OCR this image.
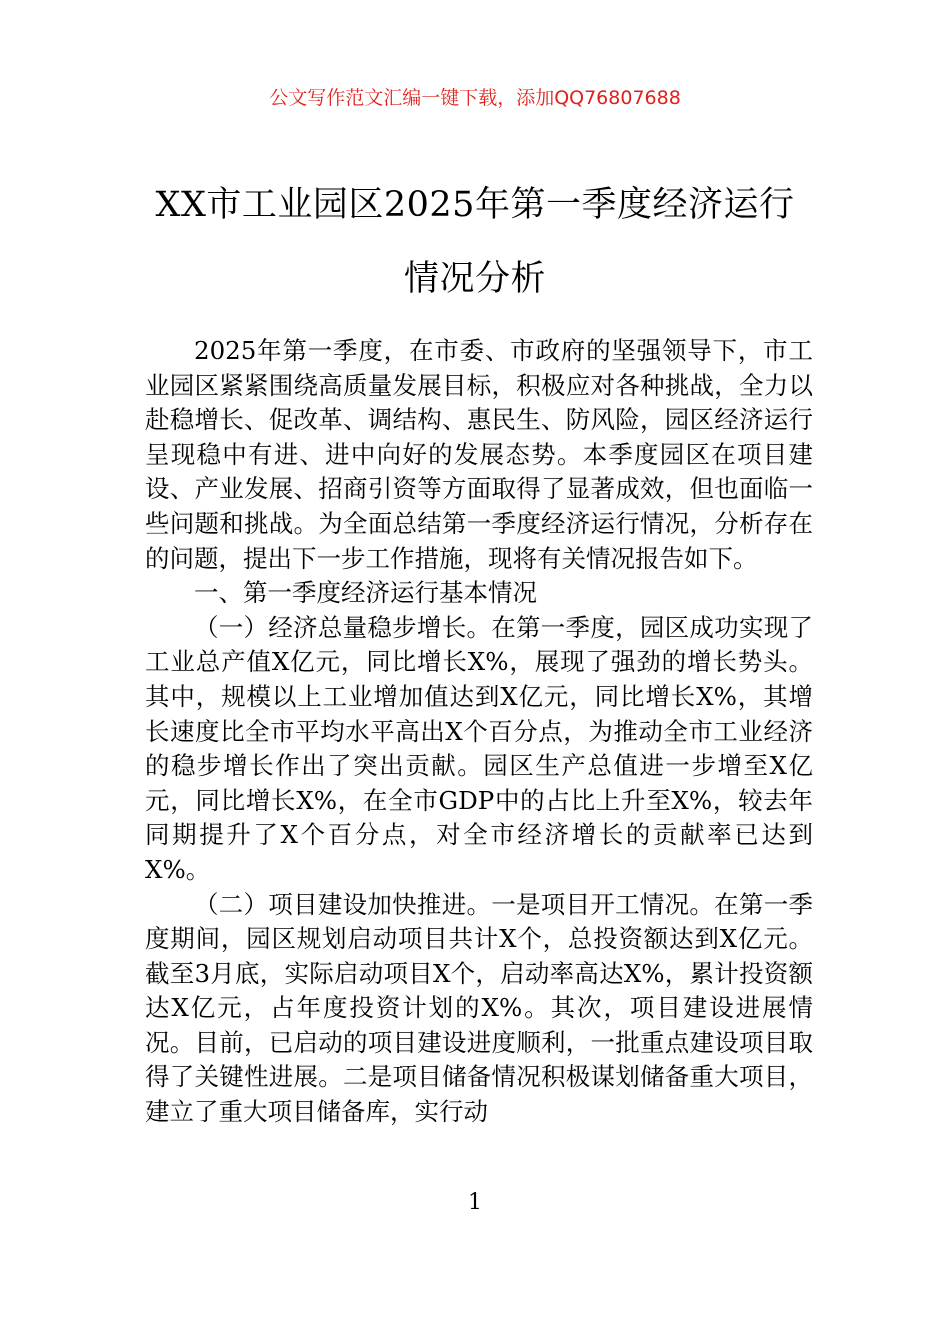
公文写作范文汇编一键下载，添加QQ76807688
XX市工业园区2025年第一季度经济运行
情况分析

2025年第一季度，在市委、市政府的坚强领导下，市工业园区紧紧围绕高质量发展目标，积极应对各种挑战，全力以赴稳增长、促改革、调结构、惠民生、防风险，园区经济运行呈现稳中有进、进中向好的发展态势。本季度园区在项目建设、产业发展、招商引资等方面取得了显著成效，但也面临一些问题和挑战。为全面总结第一季度经济运行情况，分析存在的问题，提出下一步工作措施，现将有关情况报告如下。

一、第一季度经济运行基本情况

（一）经济总量稳步增长。在第一季度，园区成功实现了工业总产值X亿元，同比增长X%，展现了强劲的增长势头。其中，规模以上工业增加值达到X亿元，同比增长X%，其增长速度比全市平均水平高出X个百分点，为推动全市工业经济的稳步增长作出了突出贡献。园区生产总值进一步增至X亿元，同比增长X%，在全市GDP中的占比上升至X%，较去年同期提升了X个百分点，对全市经济增长的贡献率已达到X%。

（二）项目建设加快推进。一是项目开工情况。在第一季度期间，园区规划启动项目共计X个，总投资额达到X亿元。截至3月底，实际启动项目X个，启动率高达X%，累计投资额达X亿元，占年度投资计划的X%。其次，项目建设进展情况。目前，已启动的项目建设进度顺利，一批重点建设项目取得了关键性进展。二是项目储备情况积极谋划储备重大项目，建立了重大项目储备库，实行动

1
